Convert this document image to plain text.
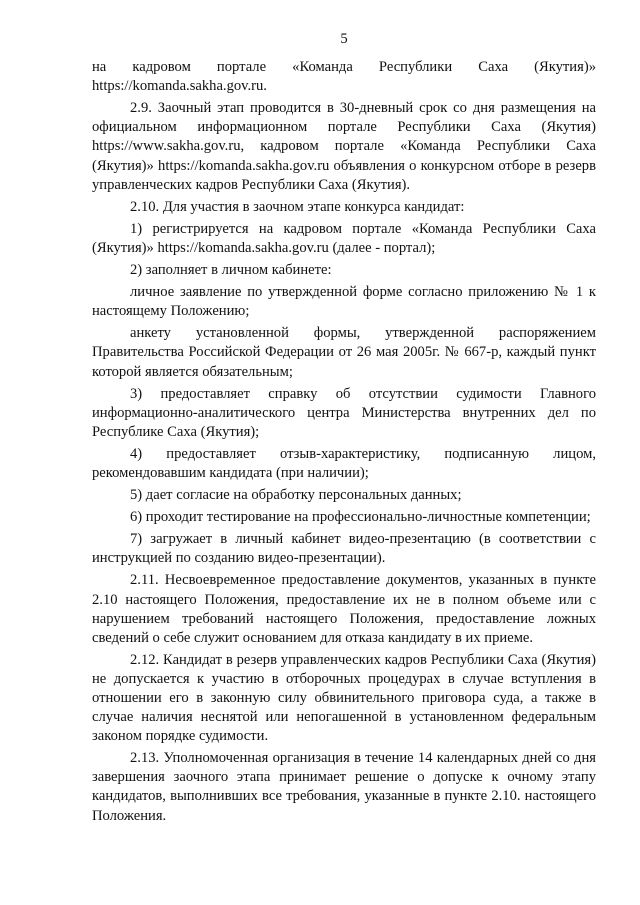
5

на кадровом портале «Команда Республики Саха (Якутия)» https://komanda.sakha.gov.ru.

2.9. Заочный этап проводится в 30-дневный срок со дня размещения на официальном информационном портале Республики Саха (Якутия) https://www.sakha.gov.ru, кадровом портале «Команда Республики Саха (Якутия)» https://komanda.sakha.gov.ru объявления о конкурсном отборе в резерв управленческих кадров Республики Саха (Якутия).

2.10. Для участия в заочном этапе конкурса кандидат:

1) регистрируется на кадровом портале «Команда Республики Саха (Якутия)» https://komanda.sakha.gov.ru (далее - портал);

2) заполняет в личном кабинете:

личное заявление по утвержденной форме согласно приложению № 1 к настоящему Положению;

анкету установленной формы, утвержденной распоряжением Правительства Российской Федерации от 26 мая 2005г. № 667-р, каждый пункт которой является обязательным;

3) предоставляет справку об отсутствии судимости Главного информационно-аналитического центра Министерства внутренних дел по Республике Саха (Якутия);

4) предоставляет отзыв-характеристику, подписанную лицом, рекомендовавшим кандидата (при наличии);

5) дает согласие на обработку персональных данных;

6) проходит тестирование на профессионально-личностные компетенции;

7) загружает в личный кабинет видео-презентацию (в соответствии с инструкцией по созданию видео-презентации).

2.11. Несвоевременное предоставление документов, указанных в пункте 2.10 настоящего Положения, предоставление их не в полном объеме или с нарушением требований настоящего Положения, предоставление ложных сведений о себе служит основанием для отказа кандидату в их приеме.

2.12. Кандидат в резерв управленческих кадров Республики Саха (Якутия) не допускается к участию в отборочных процедурах в случае вступления в отношении его в законную силу обвинительного приговора суда, а также в случае наличия неснятой или непогашенной в установленном федеральным законом порядке судимости.

2.13. Уполномоченная организация в течение 14 календарных дней со дня завершения заочного этапа принимает решение о допуске к очному этапу кандидатов, выполнивших все требования, указанные в пункте 2.10. настоящего Положения.
